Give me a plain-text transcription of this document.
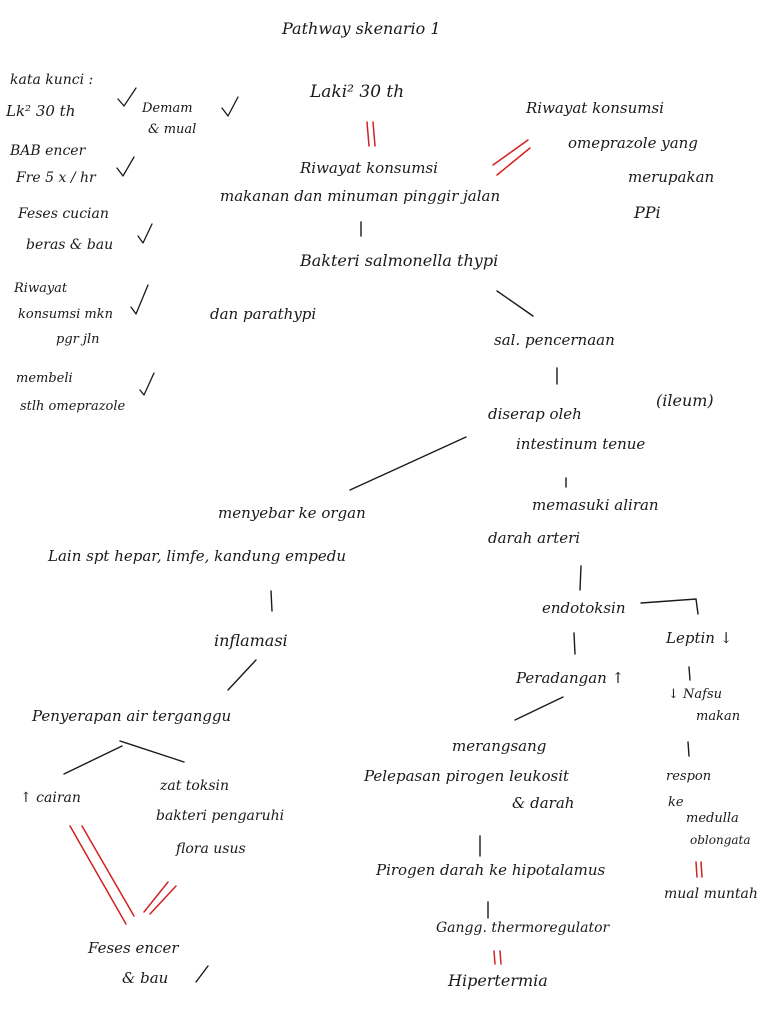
Pathway skenario 1
kata kunci :
Lk² 30 th	Demam
& mual
BAB encer
Fre 5 x / hr
Feses cucian
beras & bau
Riwayat
konsumsi mkn
pgr jln
membeli
stlh omeprazole
Laki² 30 th
Riwayat konsumsi
makanan dan minuman pinggir jalan
Riwayat konsumsi
omeprazole yang
merupakan
PPi
Bakteri salmonella thypi
dan parathypi
sal. pencernaan
diserap oleh
(ileum)
intestinum tenue
menyebar ke organ
Lain spt hepar, limfe, kandung empedu
memasuki aliran
darah arteri
inflamasi
endotoksin
Leptin ↓
Penyerapan air terganggu
Peradangan ↑
↓ Nafsu
makan
↑ cairan
zat toksin
bakteri pengaruhi
flora usus
merangsang
Pelepasan pirogen leukosit
& darah
respon
ke
medulla
oblongata
Pirogen darah ke hipotalamus
mual muntah
Feses encer
& bau
Gangg. thermoregulator
Hipertermia
